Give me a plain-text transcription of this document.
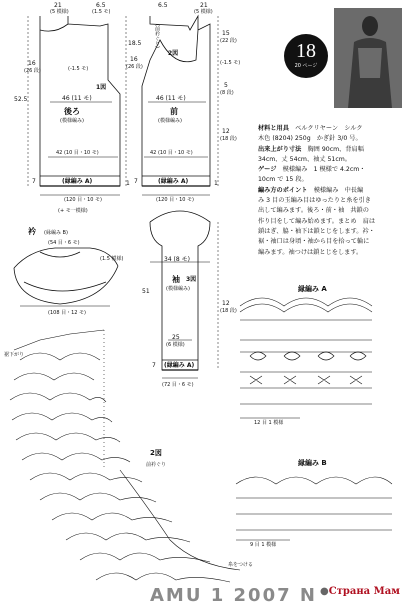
18
20 ページ
材料と用具　 ベルクリヤーン　シルク
木色 (8204) 250g　かぎ針 3/0 号。
出来上がり寸法　 胸囲 90cm、背肩幅
34cm、丈 54cm、袖丈 51cm。
ゲージ　 模様編み　1 模様で 4.2cm・
10cm で 15 段。
編み方のポイント　 模様編み　中長編
み 3 目の玉編み目はゆったりと糸を引き
出して編みます。後ろ・前・袖　共鎖の
作り目をして編み始めます。まとめ　肩は
鎖はぎ、脇・袖下は鎖とじをします。衿・
裾・袖口は身頃・袖から目を拾って輪に
編みます。袖つけは鎖とじをします。
21
(5 模様)
6.5
(1.5 モ)
52.5
16
(26 段)	(-1.5 モ)
1図
46 (11 モ)
後ろ
(模様編み)
42 (10 目・10 モ)
(縁編み A)
7	1
(120 目・10 モ)
(+ モ一模様)
6.5	21
(5 模様)
(前衿ぐり)
18.5
16
(26 段)
2図
46 (11 モ)
前
(模様編み)
42 (10 目・10 モ)
(縁編み A)
7	1
(120 目・10 モ)
15
(22 段)
(-1.5 モ)
5
(8 段)
12
(18 段)
衿 (縁編み B)
(54 目・6 モ)
(1.5 模様)
(108 目・12 モ)
34 (8 モ)
袖 3図
(模様編み)
51
25
(6 模様)
(縁編み A)
7
(72 目・6 モ)
12
(18 段)
縁編み A
12 目 1 模様
縁編み B
9 目 1 模様
裾下がり
2図
前衿ぐり
糸をつける
AMU 1 2007 N ●Страна Мам
